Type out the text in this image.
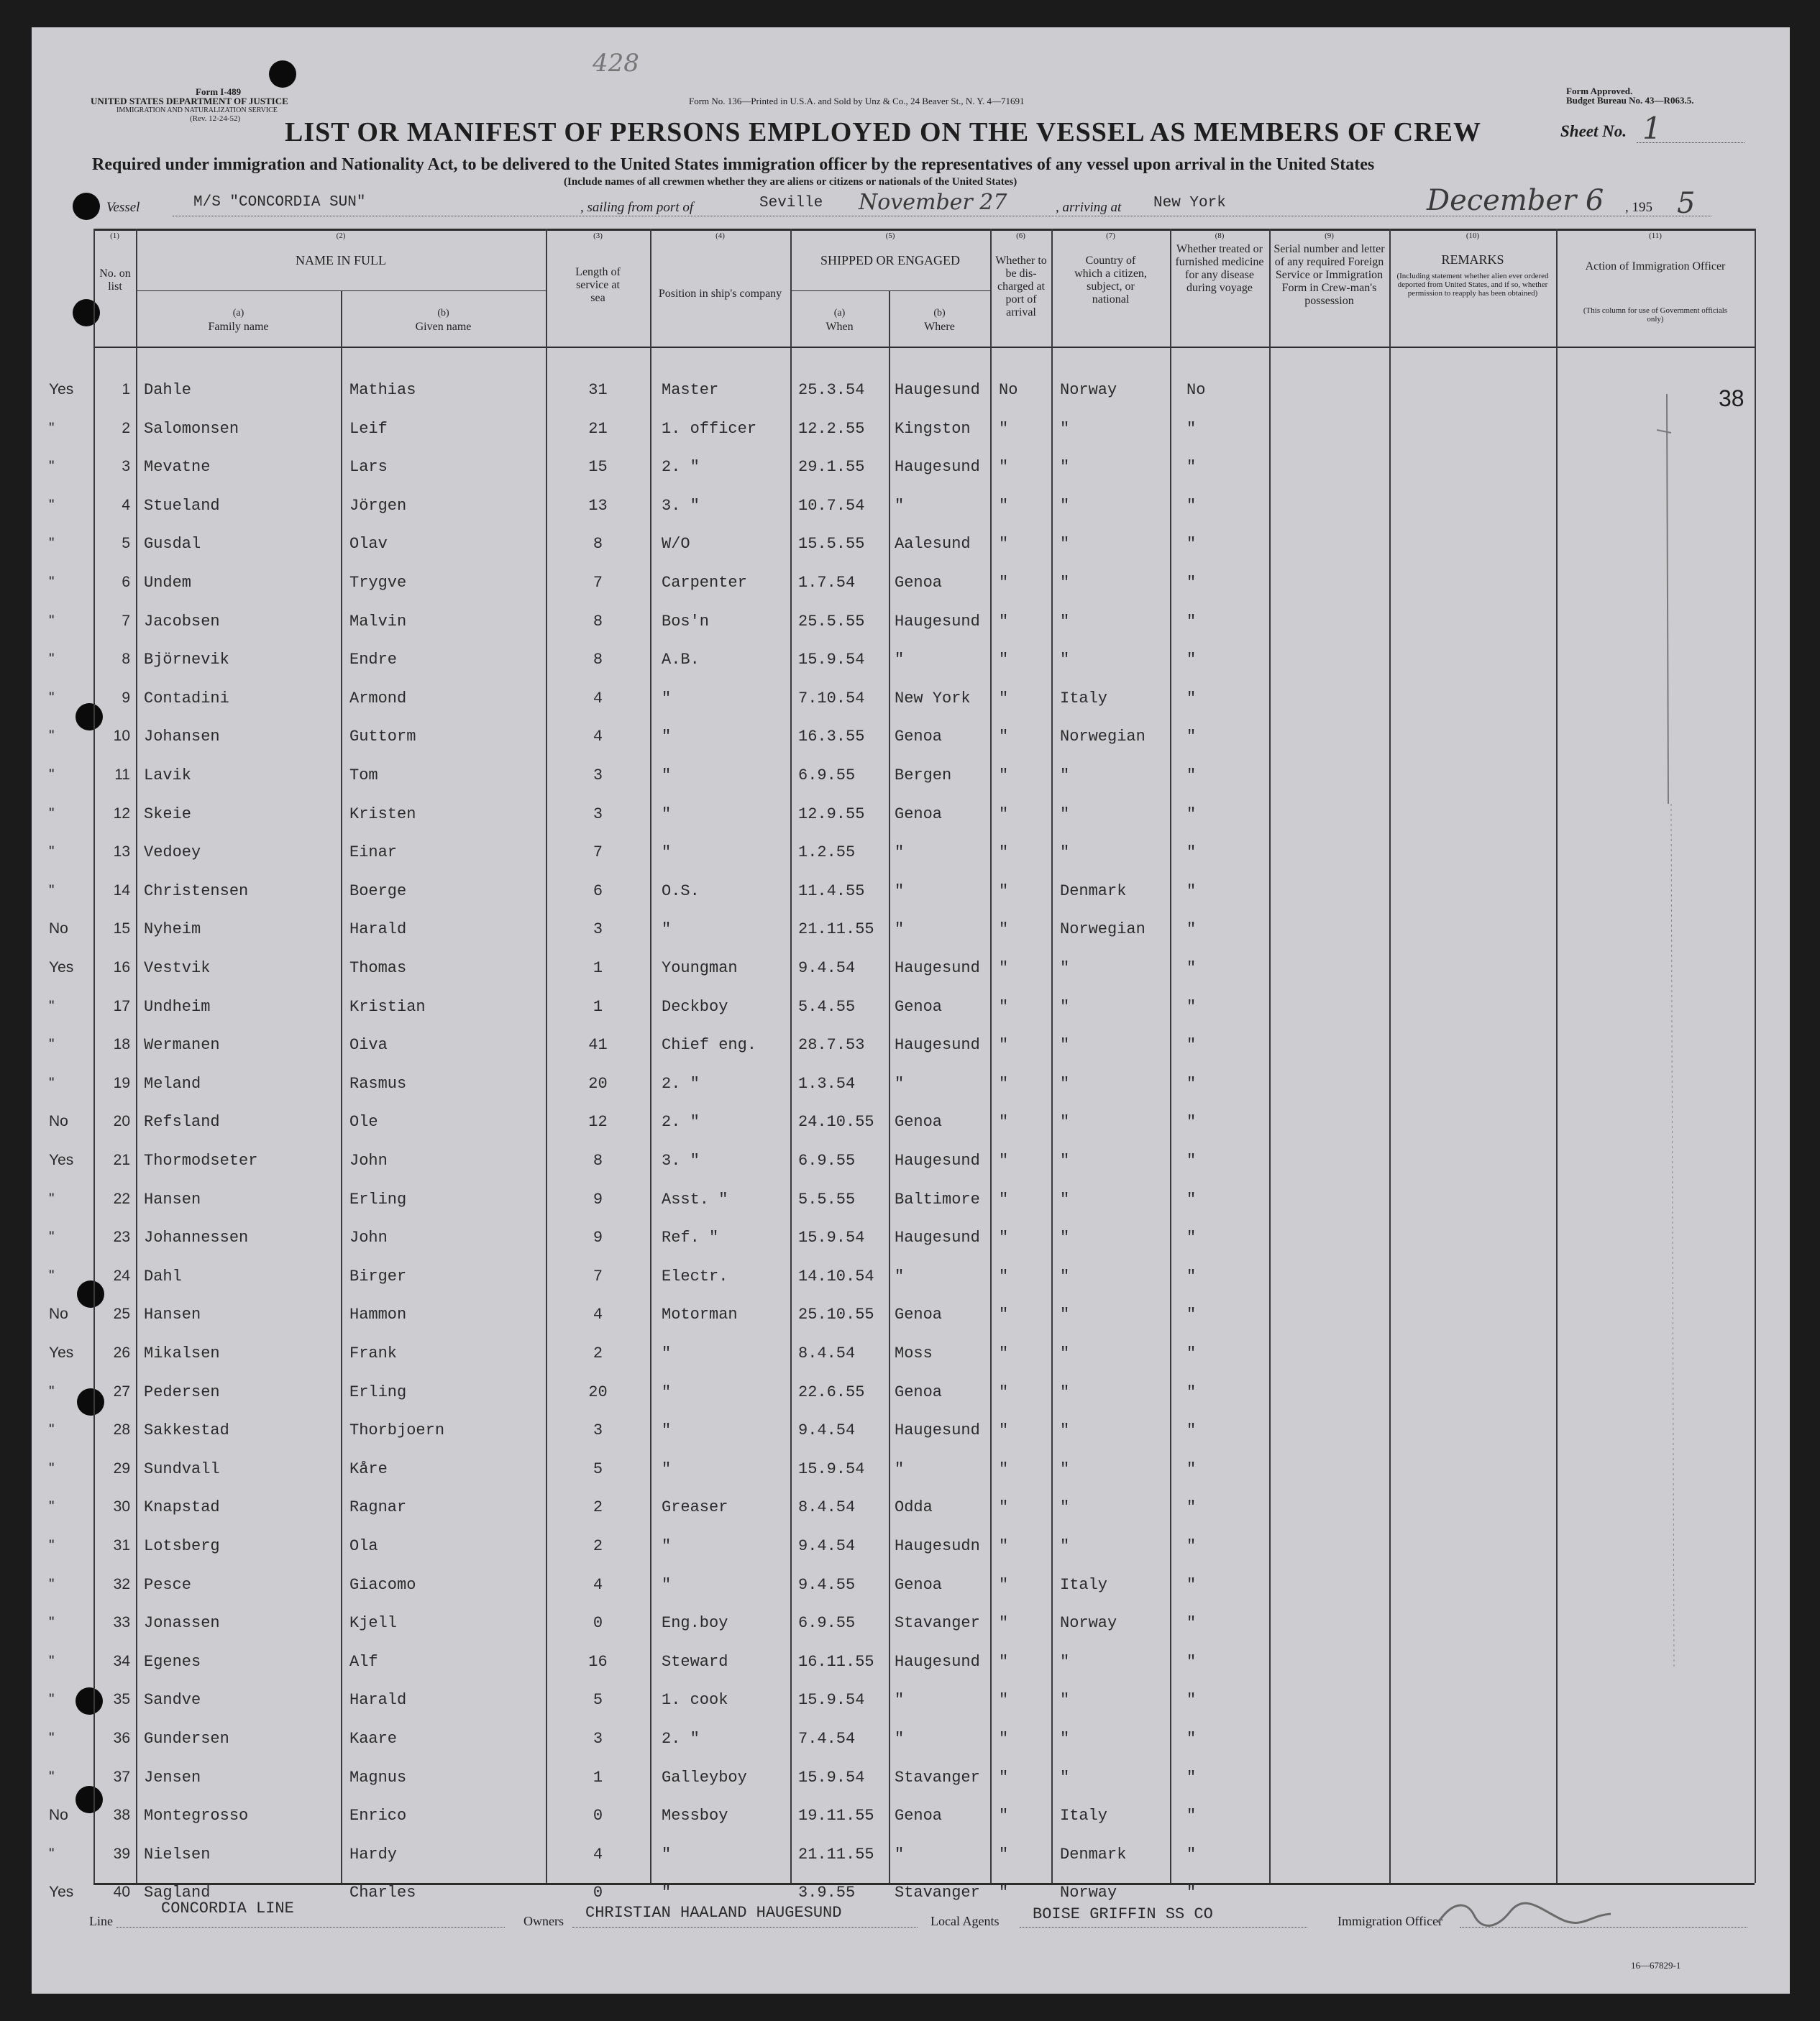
428
Form I-489
UNITED STATES DEPARTMENT OF JUSTICE
IMMIGRATION AND NATURALIZATION SERVICE
(Rev. 12-24-52)
Form No. 136—Printed in U.S.A. and Sold by Unz & Co., 24 Beaver St., N. Y. 4—71691
Form Approved.
Budget Bureau No. 43—R063.5.
LIST OR MANIFEST OF PERSONS EMPLOYED ON THE VESSEL AS MEMBERS OF CREW	Sheet No. 1
Required under immigration and Nationality Act, to be delivered to the United States immigration officer by the representatives of any vessel upon arrival in the United States
(Include names of all crewmen whether they are aliens or citizens or nationals of the United States)
Vessel	M/S "CONCORDIA SUN"	, sailing from port of	Seville November 27	, arriving at New York	December 6 , 195 5
(1)
No. on list
(2)
NAME IN FULL
(a)
Family name
(b)
Given name
(3)
Length of service at sea
(4)
Position in ship's company
(5)
SHIPPED OR ENGAGED
(a)
When
(b)
Where
(6)
Whether to be dis-charged at port of arrival
(7)
Country of which a citizen, subject, or national
(8)
Whether treated or furnished medicine for any disease during voyage
(9)
Serial number and letter of any required Foreign Service or Immigration Form in Crew-man's possession
(10)
REMARKS
(Including statement whether alien ever ordered deported from United States, and if so, whether permission to reapply has been obtained)
(11)
Action of Immigration Officer
(This column for use of Government officials only)
38
Yes	1 Dahle	Mathias	31	Master	25.3.54	Haugesund	No	Norway	No
"	2 Salomonsen	Leif	21	1. officer	12.2.55	Kingston	"	"	"
"	3 Mevatne	Lars	15	2. "	29.1.55	Haugesund	"	"	"
"	4 Stueland	Jörgen	13	3. "	10.7.54	"	"	"	"
"	5 Gusdal	Olav	8	W/O	15.5.55	Aalesund	"	"	"
"	6 Undem	Trygve	7	Carpenter	1.7.54	Genoa	"	"	"
"	7 Jacobsen	Malvin	8	Bos'n	25.5.55	Haugesund	"	"	"
"	8 Björnevik	Endre	8	A.B.	15.9.54	"	"	"	"
"	9 Contadini	Armond	4	"	7.10.54	New York	"	Italy	"
"	10 Johansen	Guttorm	4	"	16.3.55	Genoa	"	Norwegian	"
"	11 Lavik	Tom	3	"	6.9.55	Bergen	"	"	"
"	12 Skeie	Kristen	3	"	12.9.55	Genoa	"	"	"
"	13 Vedoey	Einar	7	"	1.2.55	"	"	"	"
"	14 Christensen	Boerge	6	O.S.	11.4.55	"	"	Denmark	"
No	15 Nyheim	Harald	3	"	21.11.55	"	"	Norwegian	"
Yes	16 Vestvik	Thomas	1	Youngman	9.4.54	Haugesund	"	"	"
"	17 Undheim	Kristian	1	Deckboy	5.4.55	Genoa	"	"	"
"	18 Wermanen	Oiva	41	Chief eng.	28.7.53	Haugesund	"	"	"
"	19 Meland	Rasmus	20	2. "	1.3.54	"	"	"	"
No	20 Refsland	Ole	12	2. "	24.10.55	Genoa	"	"	"
Yes	21 Thormodseter	John	8	3. "	6.9.55	Haugesund	"	"	"
"	22 Hansen	Erling	9	Asst. "	5.5.55	Baltimore	"	"	"
"	23 Johannessen	John	9	Ref. "	15.9.54	Haugesund	"	"	"
"	24 Dahl	Birger	7	Electr.	14.10.54	"	"	"	"
No	25 Hansen	Hammon	4	Motorman	25.10.55	Genoa	"	"	"
Yes	26 Mikalsen	Frank	2	"	8.4.54	Moss	"	"	"
"	27 Pedersen	Erling	20	"	22.6.55	Genoa	"	"	"
"	28 Sakkestad	Thorbjoern	3	"	9.4.54	Haugesund	"	"	"
"	29 Sundvall	Kåre	5	"	15.9.54	"	"	"	"
"	30 Knapstad	Ragnar	2	Greaser	8.4.54	Odda	"	"	"
"	31 Lotsberg	Ola	2	"	9.4.54	Haugesudn	"	"	"
"	32 Pesce	Giacomo	4	"	9.4.55	Genoa	"	Italy	"
"	33 Jonassen	Kjell	0	Eng.boy	6.9.55	Stavanger	"	Norway	"
"	34 Egenes	Alf	16	Steward	16.11.55	Haugesund	"	"	"
"	35 Sandve	Harald	5	1. cook	15.9.54	"	"	"	"
"	36 Gundersen	Kaare	3	2. "	7.4.54	"	"	"	"
"	37 Jensen	Magnus	1	Galleyboy	15.9.54	Stavanger	"	"	"
No	38 Montegrosso	Enrico	0	Messboy	19.11.55	Genoa	"	Italy	"
"	39 Nielsen	Hardy	4	"	21.11.55	"	"	Denmark	"
Yes	40 Sagland	Charles	0	"	3.9.55	Stavanger	"	Norway	"
Line
CONCORDIA LINE
Owners CHRISTIAN HAALAND HAUGESUND	Local Agents BOISE GRIFFIN SS CO	Immigration Officer
16—67829-1
